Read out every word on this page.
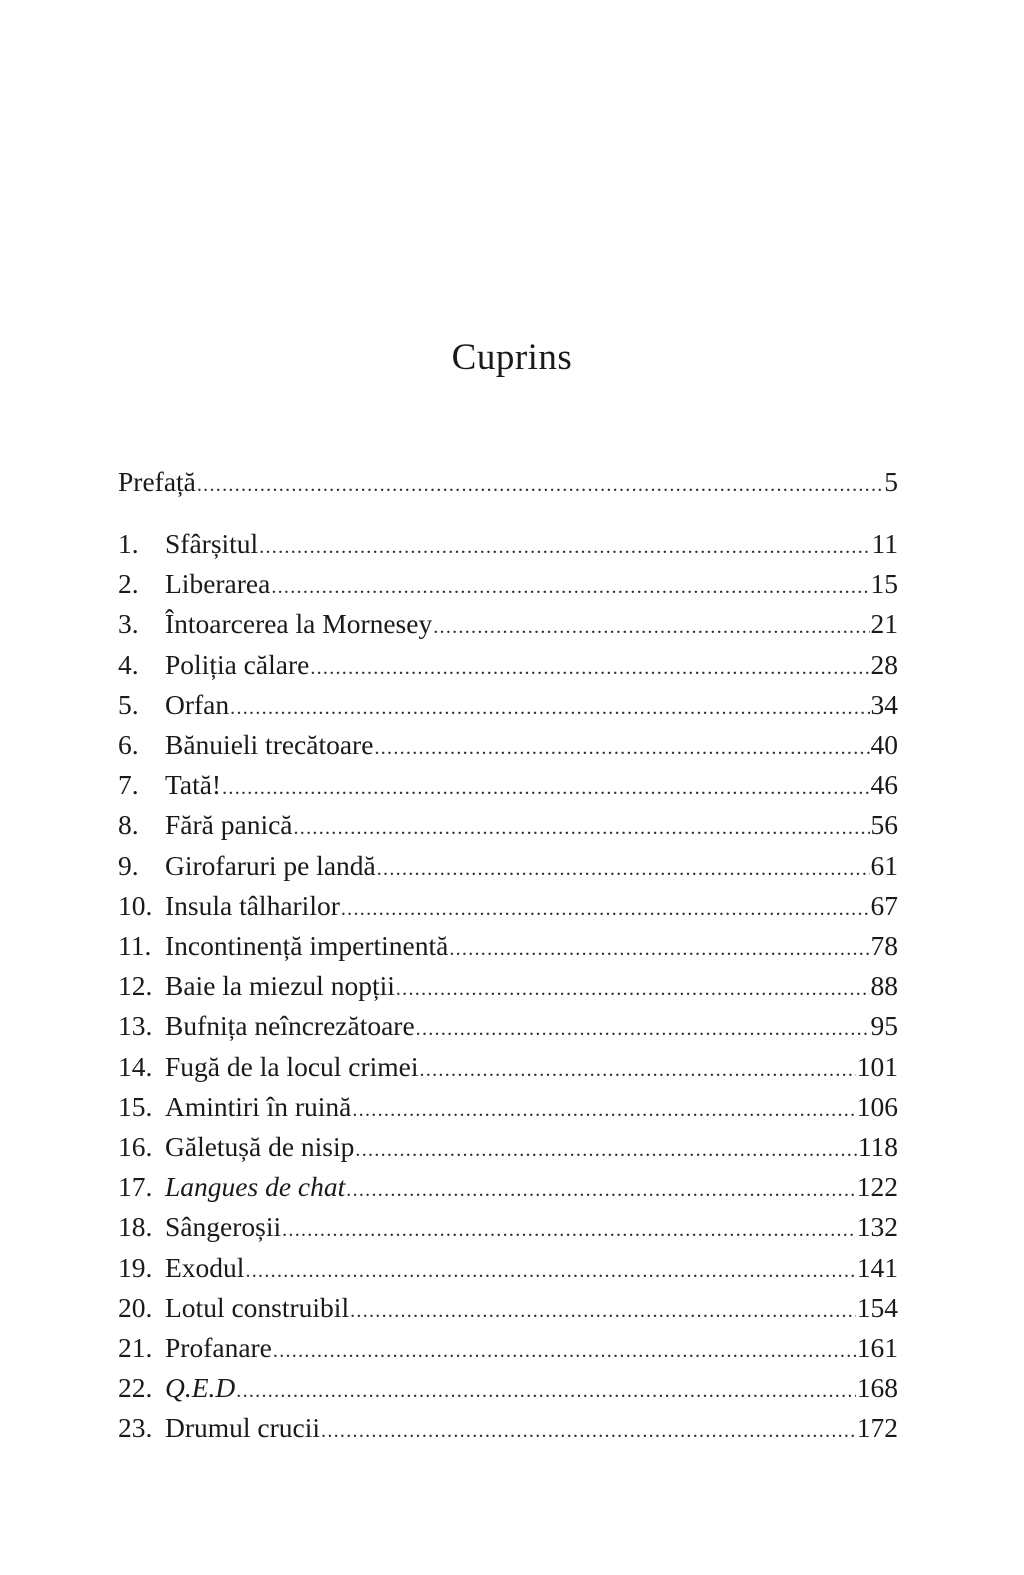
Cuprins
Prefață .....	5
1. Sfârșitul .....	11
2. Liberarea .....	15
3. Întoarcerea la Mornesey .....	21
4. Poliția călare .....	28
5. Orfan .....	34
6. Bănuieli trecătoare .....	40
7. Tată! .....	46
8. Fără panică .....	56
9. Girofaruri pe landă .....	61
10. Insula tâlharilor .....	67
11. Incontinență impertinentă .....	78
12. Baie la miezul nopții .....	88
13. Bufnița neîncrezătoare .....	95
14. Fugă de la locul crimei .....	101
15. Amintiri în ruină .....	106
16. Găletușă de nisip .....	118
17. Langues de chat .....	122
18. Sângeroșii .....	132
19. Exodul .....	141
20. Lotul construibil .....	154
21. Profanare .....	161
22. Q.E.D .....	168
23. Drumul crucii .....	172
